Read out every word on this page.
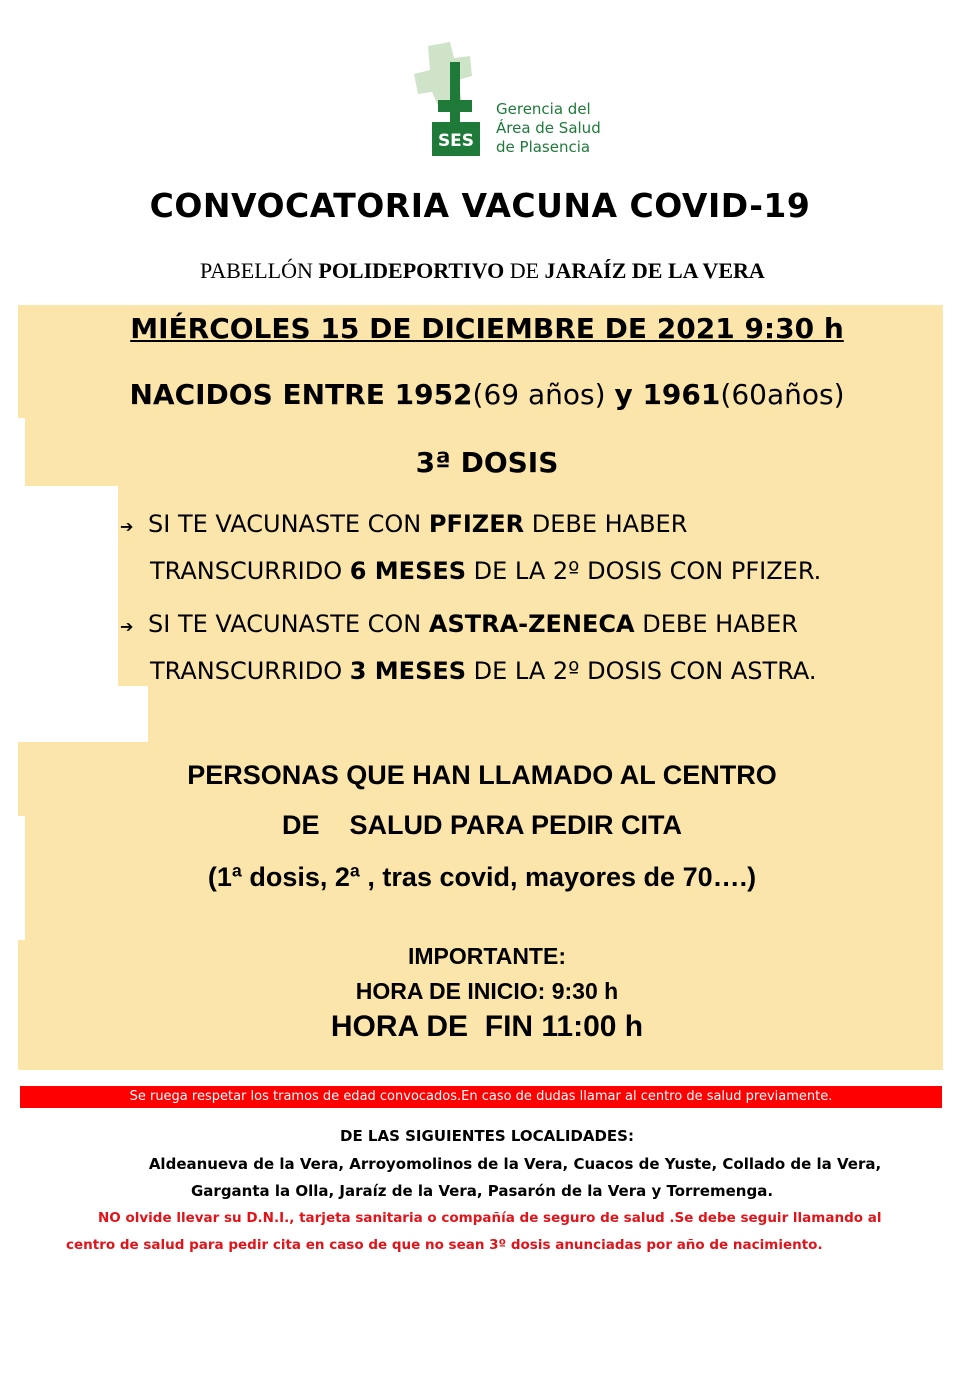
SES
Gerencia del
Área de Salud
de Plasencia
CONVOCATORIA VACUNA COVID-19
PABELLÓN POLIDEPORTIVO DE JARAÍZ DE LA VERA
MIÉRCOLES 15 DE DICIEMBRE DE 2021 9:30 h
NACIDOS ENTRE 1952(69 años) y 1961(60años)
3ª DOSIS
➔ SI TE VACUNASTE CON PFIZER DEBE HABER
TRANSCURRIDO 6 MESES DE LA 2º DOSIS CON PFIZER.
➔ SI TE VACUNASTE CON ASTRA-ZENECA DEBE HABER
TRANSCURRIDO 3 MESES DE LA 2º DOSIS CON ASTRA.
PERSONAS QUE HAN LLAMADO AL CENTRO
DE    SALUD PARA PEDIR CITA
(1ª dosis, 2ª , tras covid, mayores de 70….)
IMPORTANTE:
HORA DE INICIO: 9:30 h
HORA DE  FIN 11:00 h
Se ruega respetar los tramos de edad convocados.En caso de dudas llamar al centro de salud previamente.
DE LAS SIGUIENTES LOCALIDADES:
Aldeanueva de la Vera, Arroyomolinos de la Vera, Cuacos de Yuste, Collado de la Vera,
Garganta la Olla, Jaraíz de la Vera, Pasarón de la Vera y Torremenga.
NO olvide llevar su D.N.I., tarjeta sanitaria o compañía de seguro de salud .Se debe seguir llamando al
centro de salud para pedir cita en caso de que no sean 3º dosis anunciadas por año de nacimiento.
